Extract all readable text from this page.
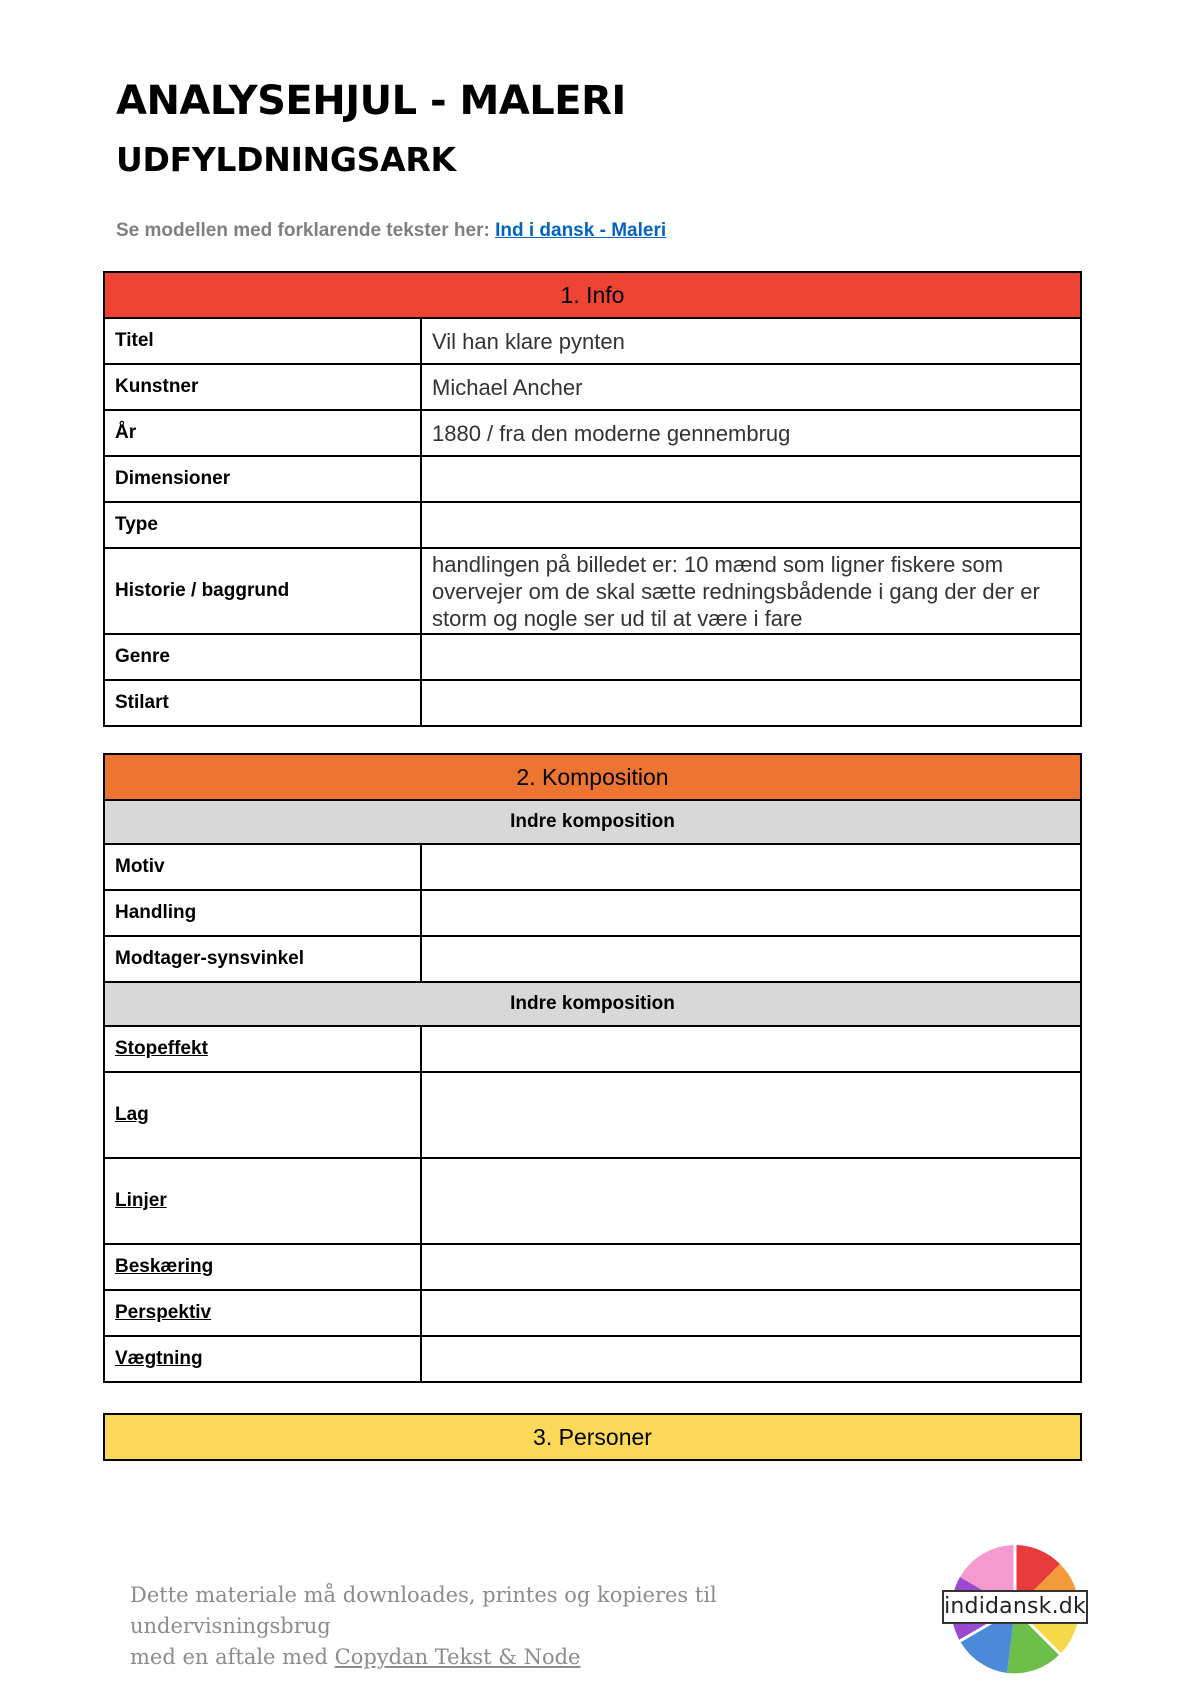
ANALYSEHJUL - MALERI
UDFYLDNINGSARK
Se modellen med forklarende tekster her: Ind i dansk - Maleri
1. Info	
Titel	Vil han klare pynten
Kunstner	Michael Ancher
År	1880 / fra den moderne gennembrug
Dimensioner	
Type	
Historie / baggrund	handlingen på billedet er: 10 mænd som ligner fiskere som overvejer om de skal sætte redningsbådende i gang der der er storm og nogle ser ud til at være i fare
Genre	
Stilart	
2. Komposition	
Indre komposition	
Motiv	
Handling	
Modtager-synsvinkel	
Indre komposition	
Stopeffekt	
Lag	
Linjer	
Beskæring	
Perspektiv	
Vægtning	
3. Personer
Dette materiale må downloades, printes og kopieres til undervisningsbrug
med en aftale med Copydan Tekst & Node
indidansk.dk
